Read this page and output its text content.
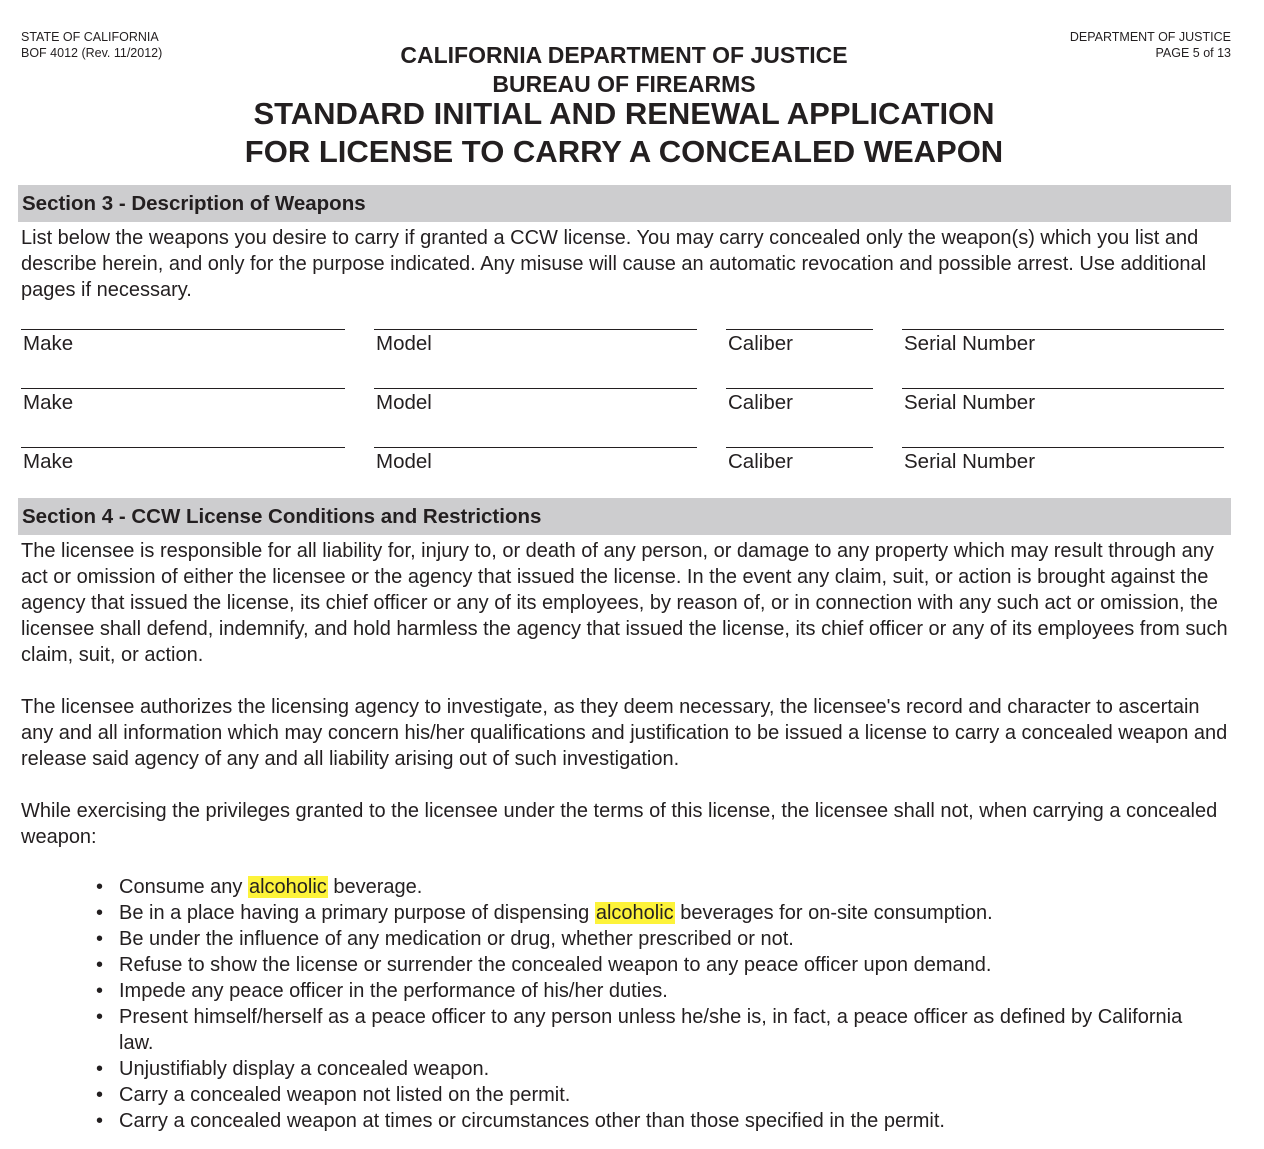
STATE OF CALIFORNIA
BOF 4012 (Rev. 11/2012)
DEPARTMENT OF JUSTICE
PAGE 5 of 13
CALIFORNIA DEPARTMENT OF JUSTICE
BUREAU OF FIREARMS
STANDARD INITIAL AND RENEWAL APPLICATION
FOR LICENSE TO CARRY A CONCEALED WEAPON
Section 3 - Description of Weapons

List below the weapons you desire to carry if granted a CCW license. You may carry concealed only the weapon(s) which you list and describe herein, and only for the purpose indicated. Any misuse will cause an automatic revocation and possible arrest. Use additional pages if necessary.

Make	Model	Caliber	Serial Number
Make	Model	Caliber	Serial Number
Make	Model	Caliber	Serial Number
Section 4 - CCW License Conditions and Restrictions

The licensee is responsible for all liability for, injury to, or death of any person, or damage to any property which may result through any act or omission of either the licensee or the agency that issued the license. In the event any claim, suit, or action is brought against the agency that issued the license, its chief officer or any of its employees, by reason of, or in connection with any such act or omission, the licensee shall defend, indemnify, and hold harmless the agency that issued the license, its chief officer or any of its employees from such claim, suit, or action.

The licensee authorizes the licensing agency to investigate, as they deem necessary, the licensee's record and character to ascertain any and all information which may concern his/her qualifications and justification to be issued a license to carry a concealed weapon and release said agency of any and all liability arising out of such investigation.

While exercising the privileges granted to the licensee under the terms of this license, the licensee shall not, when carrying a concealed weapon:

• Consume any alcoholic beverage.
• Be in a place having a primary purpose of dispensing alcoholic beverages for on-site consumption.
• Be under the influence of any medication or drug, whether prescribed or not.
• Refuse to show the license or surrender the concealed weapon to any peace officer upon demand.
• Impede any peace officer in the performance of his/her duties.
• Present himself/herself as a peace officer to any person unless he/she is, in fact, a peace officer as defined by California law.
• Unjustifiably display a concealed weapon.
• Carry a concealed weapon not listed on the permit.
• Carry a concealed weapon at times or circumstances other than those specified in the permit.
